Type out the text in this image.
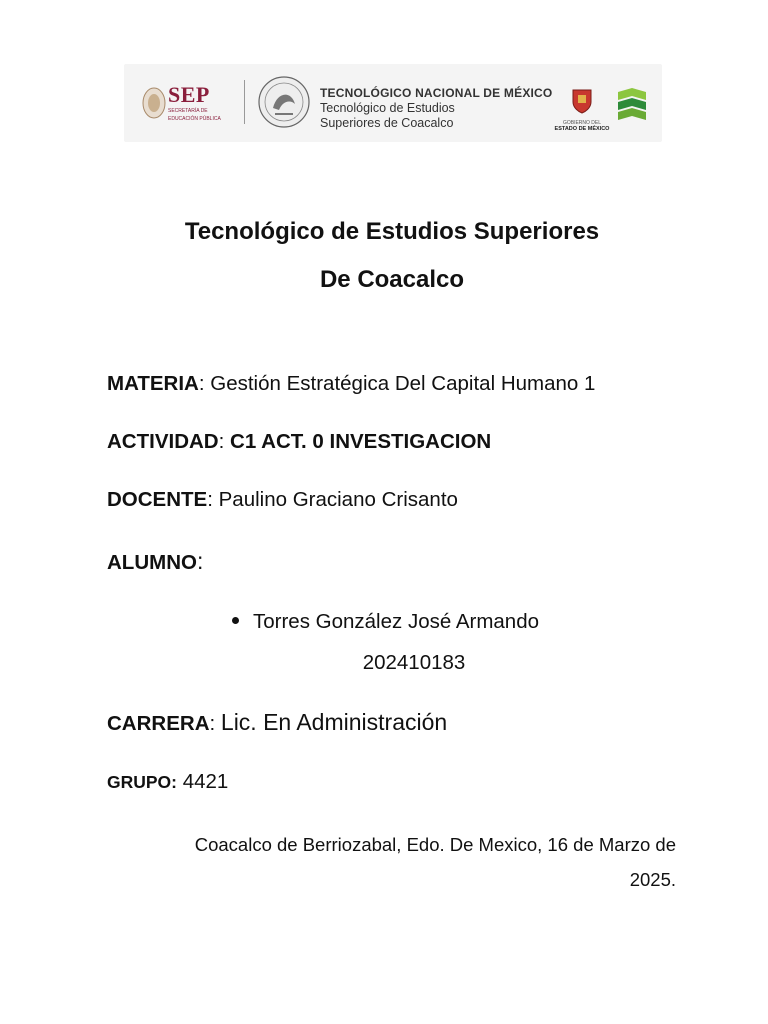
SEP
SECRETARÍA DE
EDUCACIÓN PÚBLICA
TECNOLÓGICO NACIONAL DE MÉXICO
Tecnológico de Estudios
Superiores de Coacalco	GOBIERNO DEL
ESTADO DE MÉXICO
Tecnológico de Estudios Superiores
De Coacalco
MATERIA: Gestión Estratégica Del Capital Humano 1
ACTIVIDAD: C1 ACT. 0 INVESTIGACION
DOCENTE: Paulino Graciano Crisanto
ALUMNO:
Torres González José Armando
202410183
CARRERA: Lic. En Administración
GRUPO: 4421
Coacalco de Berriozabal, Edo. De Mexico, 16 de Marzo de
2025.
